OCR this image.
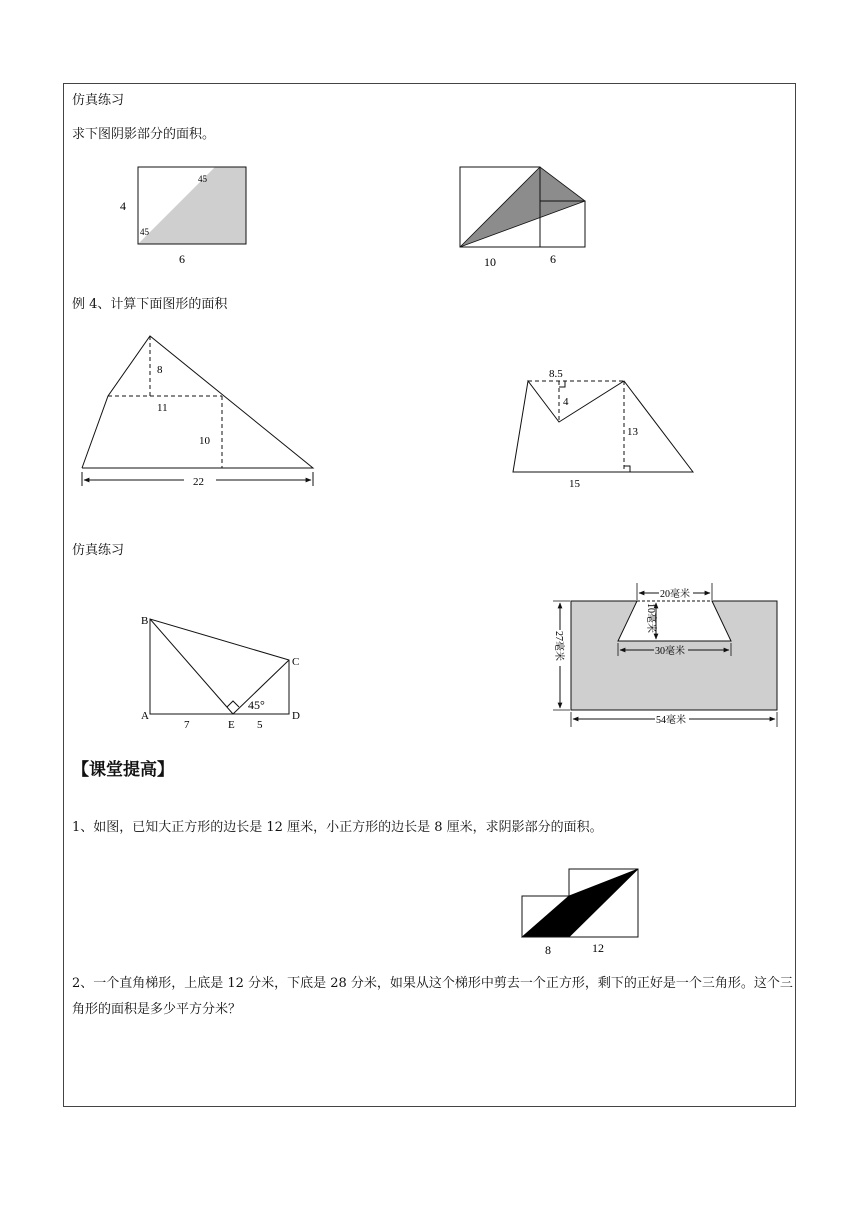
仿真练习
求下图阴影部分的面积。
例 4、计算下面图形的面积
仿真练习
【课堂提高】
1、如图，已知大正方形的边长是 12 厘米，小正方形的边长是 8 厘米，求阴影部分的面积。
2、一个直角梯形，上底是 12 分米，下底是 28 分米，如果从这个梯形中剪去一个正方形，剩下的正好是一个三角形。这个三角形的面积是多少平方分米？
4
6
45
45
10	6
8
11
10
22
8.5
4
13
15
B
A
C
D
E
7	5
45°
20毫米
10毫米
30毫米
27毫米
54毫米
8	12
